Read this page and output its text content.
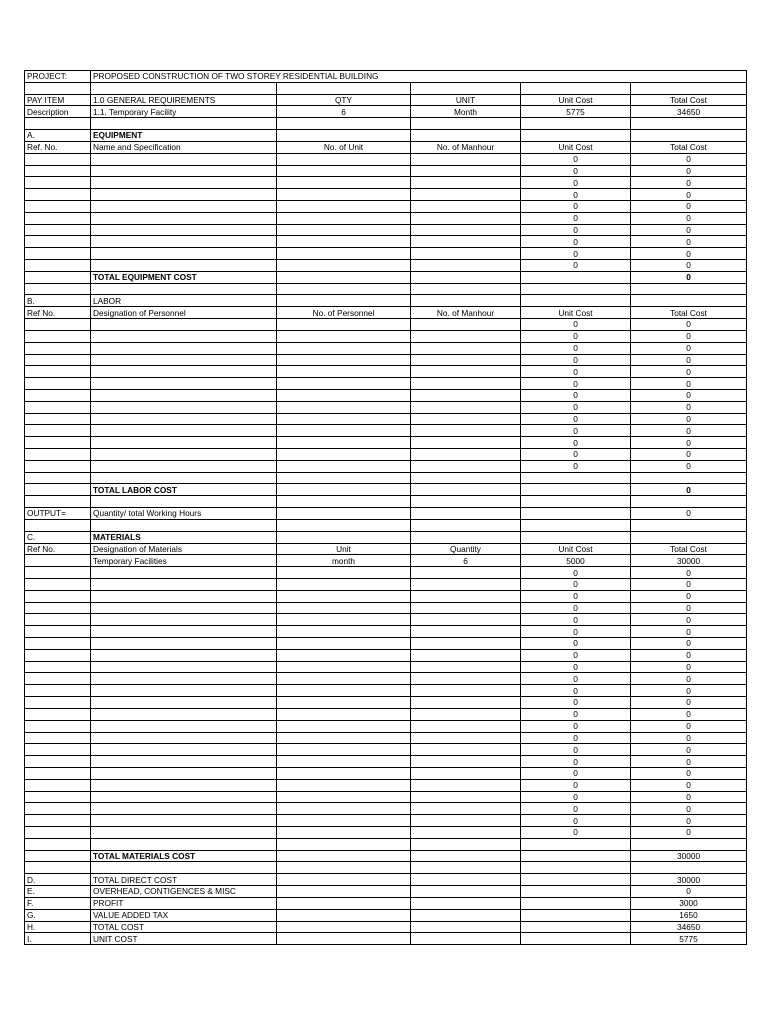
PROJECT:	PROPOSED CONSTRUCTION OF TWO STOREY RESIDENTIAL BUILDING				

PAY ITEM	1.0 GENERAL REQUIREMENTS	QTY	UNIT	Unit Cost	Total Cost
Description	1.1. Temporary Facility	6	Month	5775	34650

A.	EQUIPMENT				
Ref. No.	Name and Specification	No. of Unit	No. of Manhour	Unit Cost	Total Cost
				0	0
				0	0
				0	0
				0	0
				0	0
				0	0
				0	0
				0	0
				0	0
				0	0
	TOTAL EQUIPMENT COST				0

B.	LABOR				
Ref No.	Designation of Personnel	No. of Personnel	No. of Manhour	Unit Cost	Total Cost
				0	0
				0	0
				0	0
				0	0
				0	0
				0	0
				0	0
				0	0
				0	0
				0	0
				0	0
				0	0
				0	0

	TOTAL LABOR COST				0

OUTPUT=	Quantity/ total Working Hours				0

C.	MATERIALS				
Ref No.	Designation of Materials	Unit	Quantity	Unit Cost	Total Cost
	Temporary Facilities	month	6	5000	30000
				0	0
				0	0
				0	0
				0	0
				0	0
				0	0
				0	0
				0	0
				0	0
				0	0
				0	0
				0	0
				0	0
				0	0
				0	0
				0	0
				0	0
				0	0
				0	0
				0	0
				0	0
				0	0
				0	0

	TOTAL MATERIALS COST				30000

D.	TOTAL DIRECT COST				30000
E.	OVERHEAD, CONTIGENCES & MISC				0
F.	PROFIT				3000
G.	VALUE ADDED TAX				1650
H.	TOTAL COST				34650
I.	UNIT COST				5775
